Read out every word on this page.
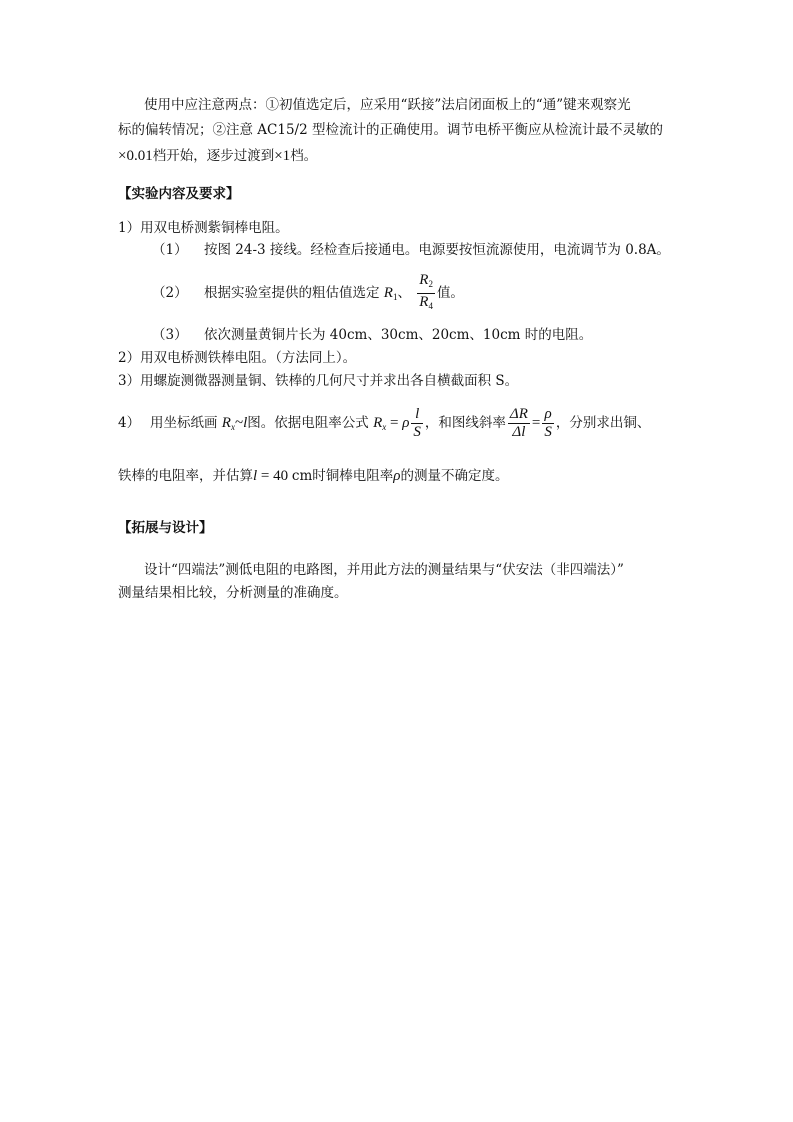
使用中应注意两点：①初值选定后，应采用“跃接”法启闭面板上的“通”键来观察光
标的偏转情况；②注意 AC15/2 型检流计的正确使用。调节电桥平衡应从检流计最不灵敏的
×0.01档开始，逐步过渡到×1档。
【实验内容及要求】
1）用双电桥测紫铜棒电阻。
（1） 按图 24-3 接线。经检查后接通电。电源要按恒流源使用，电流调节为 0.8A。
（2） 根据实验室提供的粗估值选定 $R_1$、 $\frac{R_2}{R_4}$ 值。
（3） 依次测量黄铜片长为 40cm、30cm、20cm、10cm 时的电阻。
2）用双电桥测铁棒电阻。（方法同上）。
3）用螺旋测微器测量铜、铁棒的几何尺寸并求出各自横截面积 S。
4） 用坐标纸画 $R_x\sim l$图。依据电阻率公式 $R_x = \rho \frac{l}{S}$ ，和图线斜率 $\frac{\Delta R}{\Delta l} = \frac{\rho}{S}$ ，分别求出铜、
铁棒的电阻率，并估算l = 40 cm时铜棒电阻率ρ的测量不确定度。
【拓展与设计】
设计“四端法”测低电阻的电路图，并用此方法的测量结果与“伏安法（非四端法）”
测量结果相比较，分析测量的准确度。
